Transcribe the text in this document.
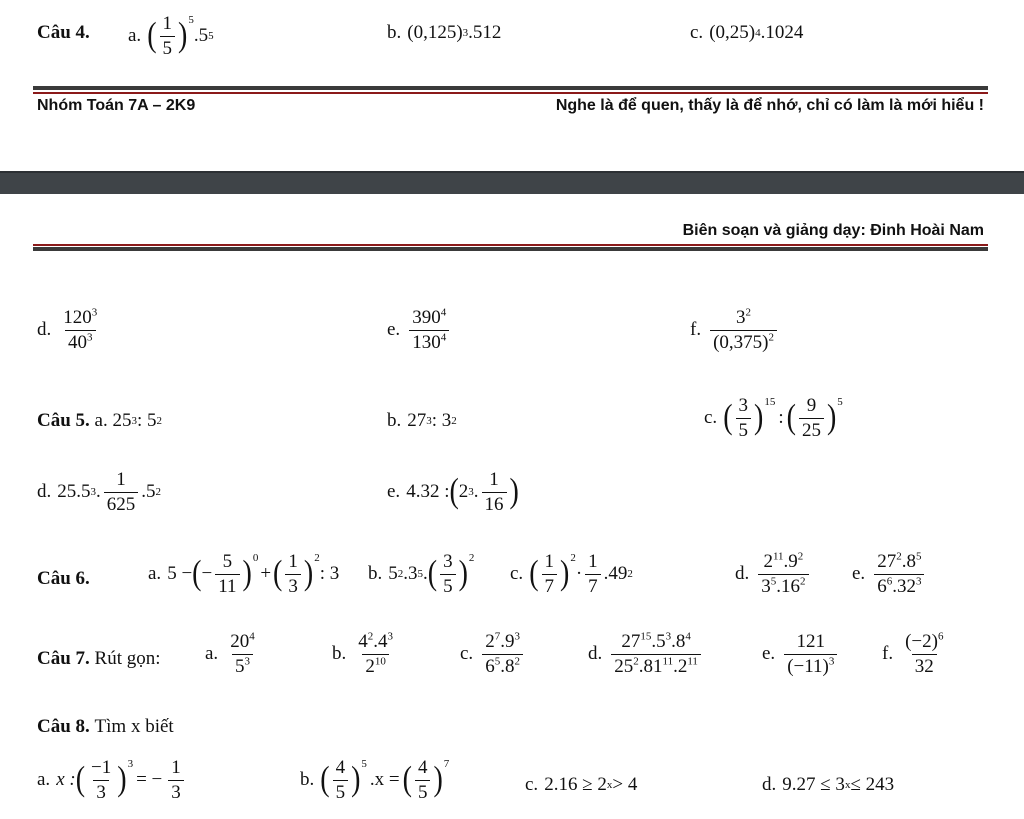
Câu 4. a. ( $\frac{1}{5}$ ) 5
.5 5	b. (0,125) 3 .512	c. (0,25) 4 .1024
Nhóm Toán 7A – 2K9	Nghe là để quen, thấy là để nhớ, chỉ có làm là mới hiểu !
Biên soạn và giảng dạy: Đinh Hoài Nam
d. $\frac{120^3}{40^3}$	e. $\frac{390^4}{130^4}$	f. $\frac{3^2}{(0,375)^2}$
Câu 5.
a.
25 3 : 5 2	b. 27 3 : 3 2	c. ( $\frac{3}{5}$ ) 15
: ( $\frac{9}{25}$ ) 5
d. 25.5 3 . $\frac{1}{625} .5$ 2	e. 4.32 : ( 2 3 . $\frac{1}{16}$ )
Câu 6.	a. 5 − ( − $\frac{5}{11}$ ) 0
+ ( $\frac{1}{3}$ ) 2
: 3 b. 5 2 .3 5 . ( $\frac{3}{5}$ ) 2
c. ( $\frac{1}{7}$ ) 2
· $\frac{1}{7} .49$ 2	d. $\frac{2^{11}.9^2}{3^5.16^2} e$. $\frac{27^2.8^5}{6^6.32^3}$
Câu 7.
Rút gọn: a. $\frac{20^4}{5^3}$	b. $\frac{4^2.4^3}{2^{10}}$	c. $\frac{2^7.9^3}{6^5.8^2}$	d. $\frac{27^{15}.5^3.8^4}{25^2.81^{11}.2^{11}}$	e. $\frac{121}{(-11)^3} f$. $\frac{(-2)^6}{32}$
Câu 8. Tìm x biết
a. x : ( $\frac{-1}{3}$ ) 3
= − $\frac{1}{3}$	b. ( $\frac{4}{5}$ ) 5
.x = ( $\frac{4}{5}$ ) 7
c. 2.16 ≥ 2 x > 4	d. 9.27 ≤ 3 x ≤ 243
